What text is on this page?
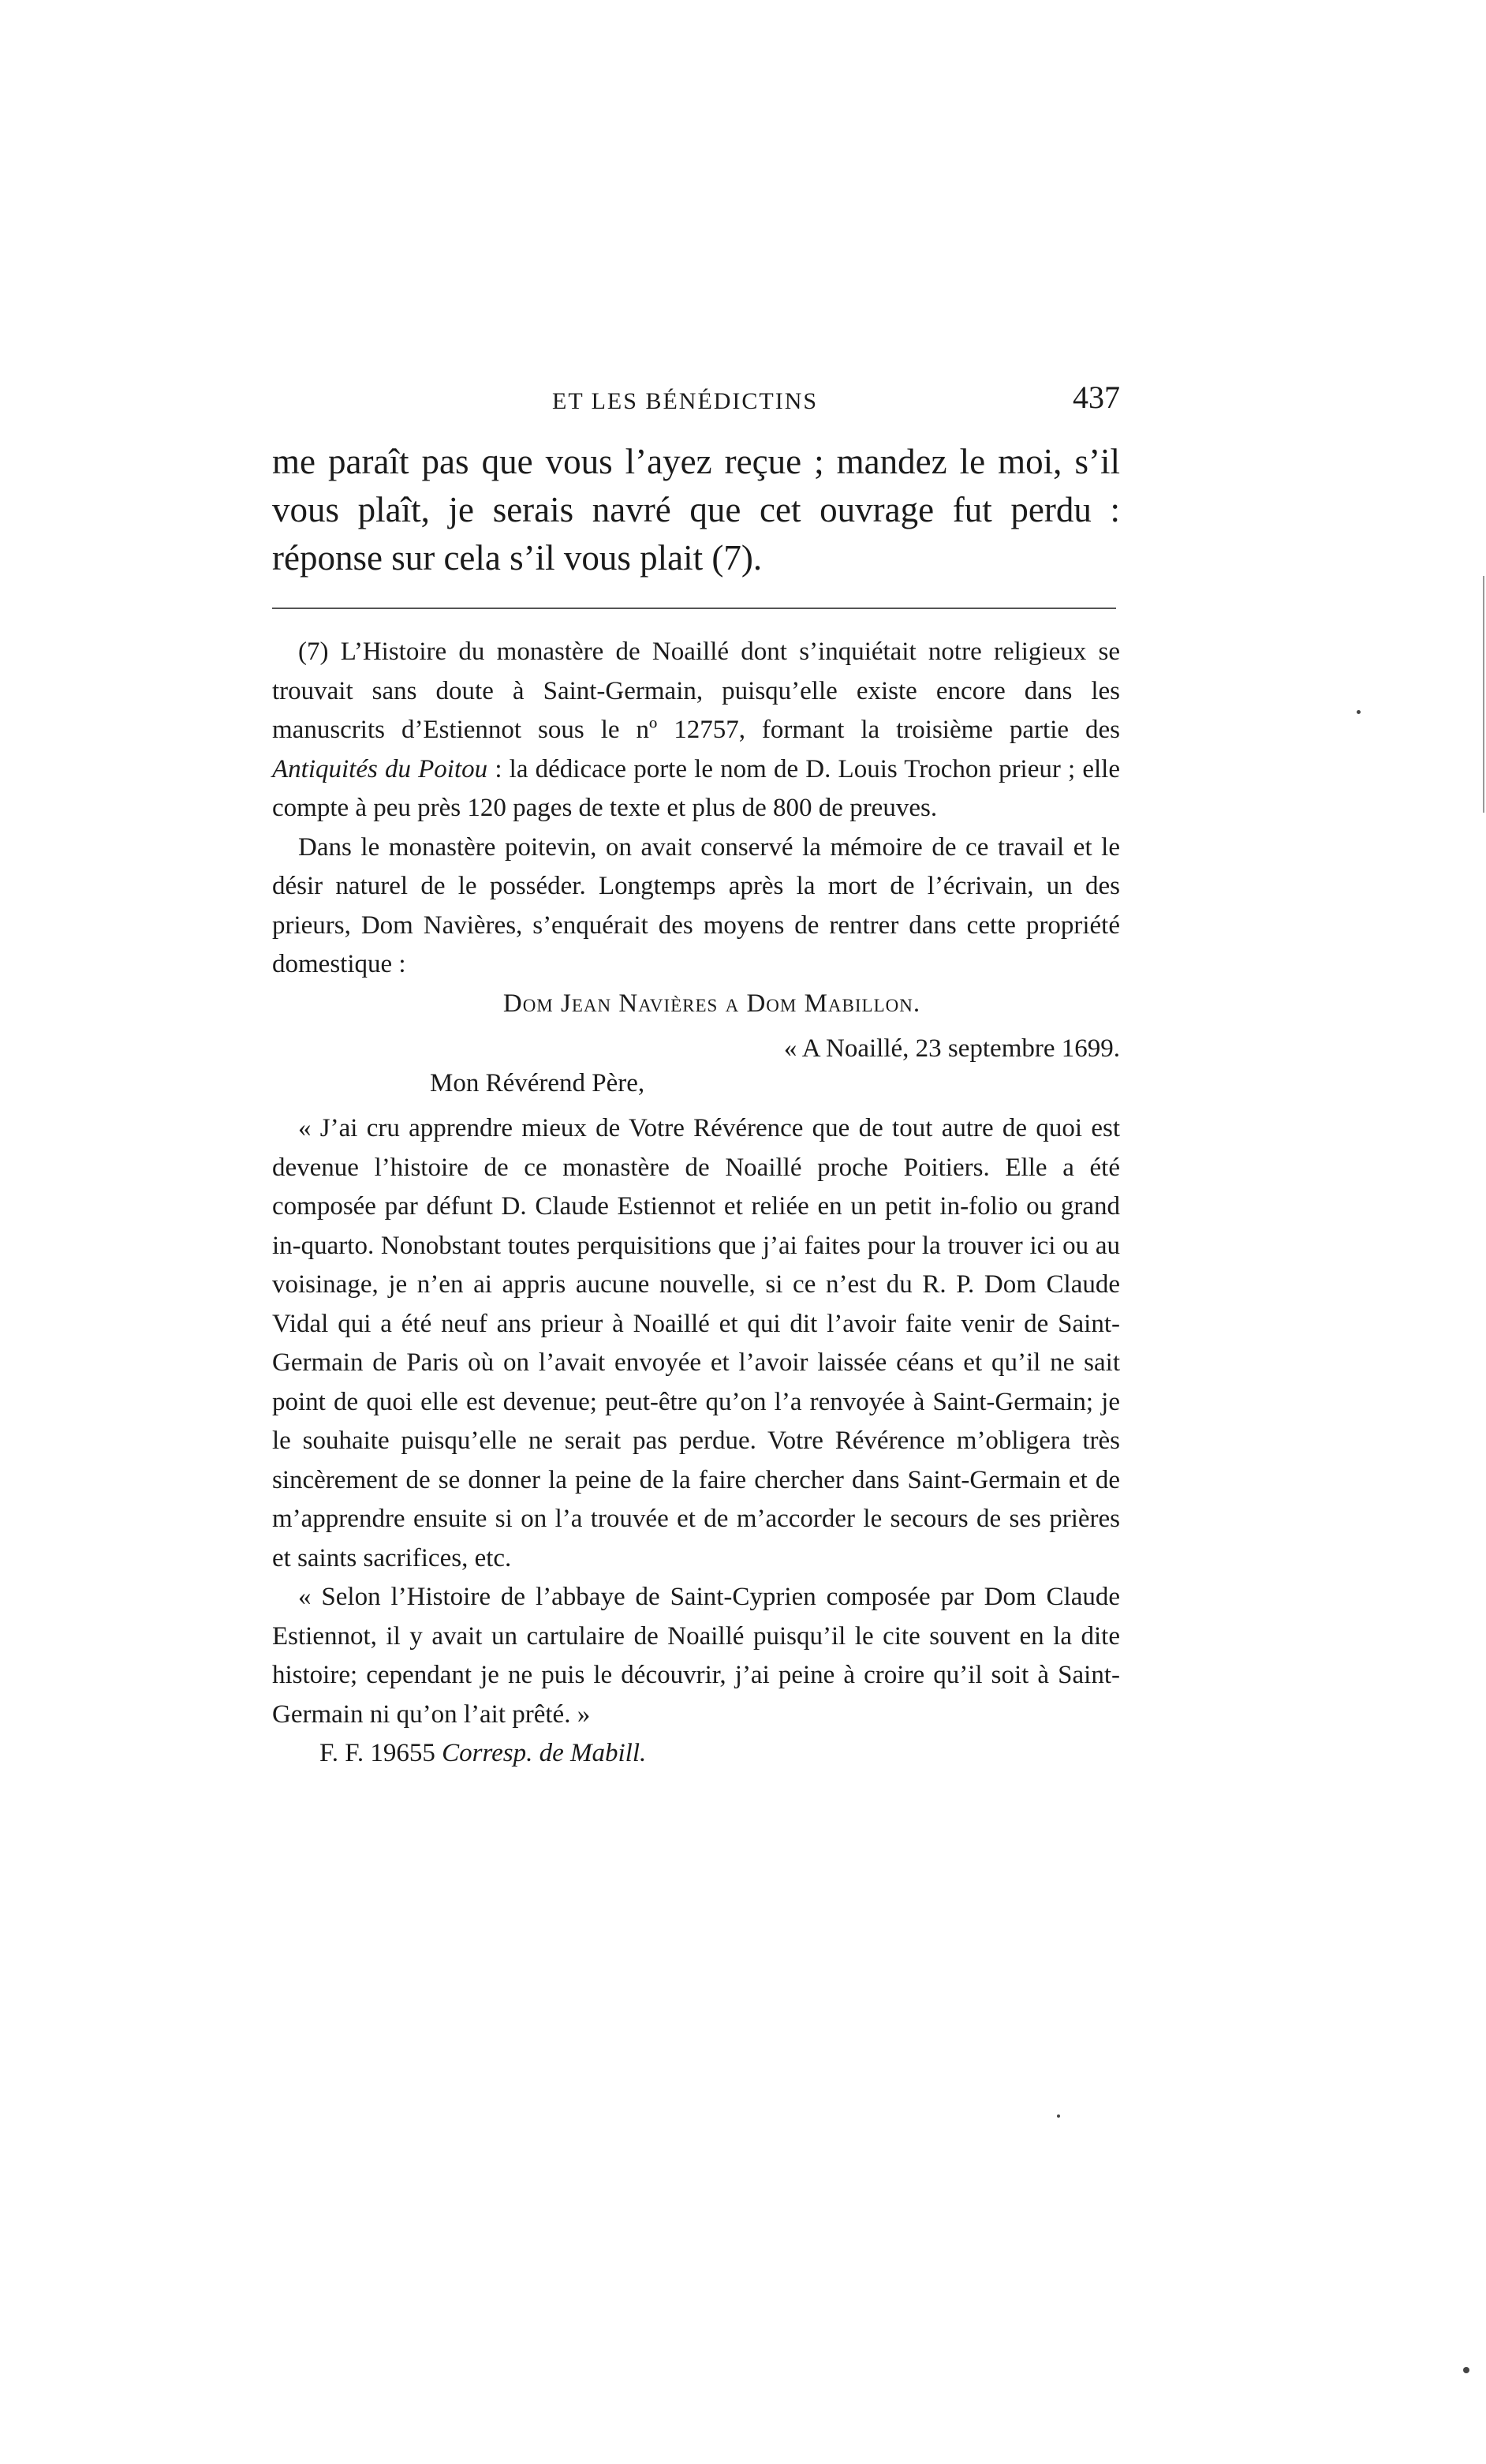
ET LES BÉNÉDICTINS	437

me paraît pas que vous l’ayez reçue ; mandez le moi, s’il vous plaît, je serais navré que cet ouvrage fut perdu : réponse sur cela s’il vous plait (7).

(7) L’Histoire du monastère de Noaillé dont s’inquiétait notre religieux se trouvait sans doute à Saint-Germain, puisqu’elle existe encore dans les manuscrits d’Estiennot sous le nº 12757, formant la troisième partie des Antiquités du Poitou : la dédicace porte le nom de D. Louis Trochon prieur ; elle compte à peu près 120 pages de texte et plus de 800 de preuves.

Dans le monastère poitevin, on avait conservé la mémoire de ce travail et le désir naturel de le posséder. Longtemps après la mort de l’écrivain, un des prieurs, Dom Navières, s’enquérait des moyens de rentrer dans cette propriété domestique :

Dom Jean Navières a Dom Mabillon.

« A Noaillé, 23 septembre 1699.

Mon Révérend Père,

« J’ai cru apprendre mieux de Votre Révérence que de tout autre de quoi est devenue l’histoire de ce monastère de Noaillé proche Poitiers. Elle a été composée par défunt D. Claude Estiennot et reliée en un petit in-folio ou grand in-quarto. Nonobstant toutes perquisitions que j’ai faites pour la trouver ici ou au voisinage, je n’en ai appris aucune nouvelle, si ce n’est du R. P. Dom Claude Vidal qui a été neuf ans prieur à Noaillé et qui dit l’avoir faite venir de Saint-Germain de Paris où on l’avait envoyée et l’avoir laissée céans et qu’il ne sait point de quoi elle est devenue; peut-être qu’on l’a renvoyée à Saint-Germain; je le souhaite puisqu’elle ne serait pas perdue. Votre Révérence m’obligera très sincèrement de se donner la peine de la faire chercher dans Saint-Germain et de m’apprendre ensuite si on l’a trouvée et de m’accorder le secours de ses prières et saints sacrifices, etc.

« Selon l’Histoire de l’abbaye de Saint-Cyprien composée par Dom Claude Estiennot, il y avait un cartulaire de Noaillé puisqu’il le cite souvent en la dite histoire; cependant je ne puis le découvrir, j’ai peine à croire qu’il soit à Saint-Germain ni qu’on l’ait prêté. »

F. F. 19655 Corresp. de Mabill.
